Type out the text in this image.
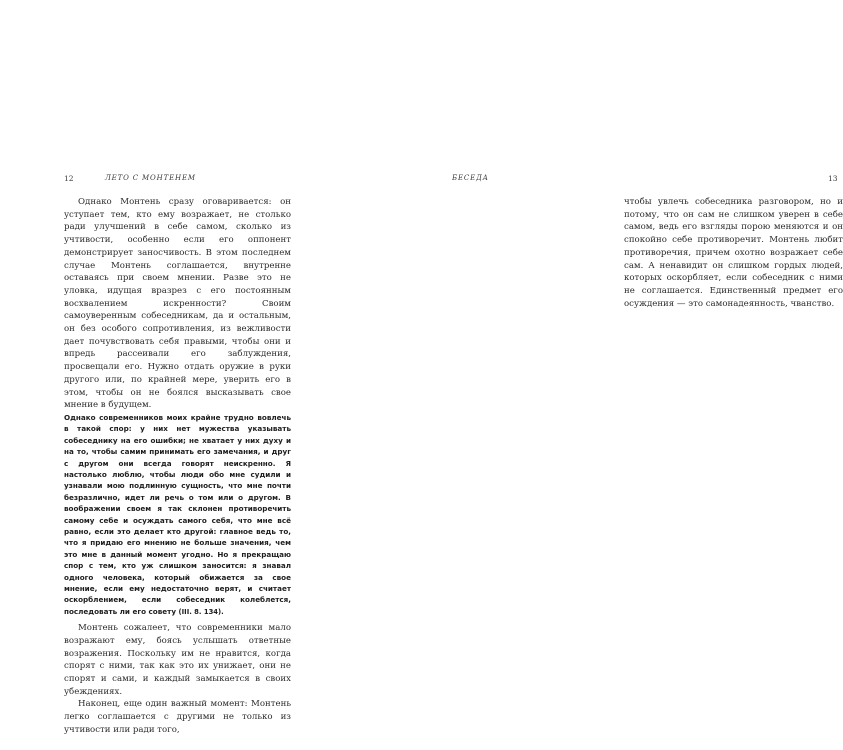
12	ЛЕТО С МОНТЕНЕМ

Однако Монтень сразу оговаривается: он уступает тем, кто ему возражает, не столько ради улучшений в себе самом, сколько из учтивости, особенно если его оппонент демонстрирует заносчивость. В этом последнем случае Монтень соглашается, внутренне оставаясь при своем мнении. Разве это не уловка, идущая вразрез с его постоянным восхвалением искренности? Своим самоуверенным собеседникам, да и остальным, он без особого сопротивления, из вежливости дает почувствовать себя правыми, чтобы они и впредь рассеивали его заблуждения, просвещали его. Нужно отдать оружие в руки другого или, по крайней мере, уверить его в этом, чтобы он не боялся высказывать свое мнение в будущем.

Однако современников моих крайне трудно вовлечь в такой спор: у них нет мужества указывать собеседнику на его ошибки; не хватает у них духу и на то, чтобы самим принимать его замечания, и друг с другом они всегда говорят неискренно. Я настолько люблю, чтобы люди обо мне судили и узнавали мою подлинную сущность, что мне почти безразлично, идет ли речь о том или о другом. В воображении своем я так склонен противоречить самому себе и осуждать самого себя, что мне всё равно, если это делает кто другой: главное ведь то, что я придаю его мнению не больше значения, чем это мне в данный момент угодно. Но я прекращаю спор с тем, кто уж слишком заносится: я знавал одного человека, который обижается за свое мнение, если ему недостаточно верят, и считает оскорблением, если собеседник колеблется, последовать ли его совету (III. 8. 134).

Монтень сожалеет, что современники мало возражают ему, боясь услышать ответные возражения. Поскольку им не нравится, когда спорят с ними, так как это их унижает, они не спорят и сами, и каждый замыкается в своих убеждениях.

Наконец, еще один важный момент: Монтень легко соглашается с другими не только из учтивости или ради того,

БЕСЕДА	13

чтобы увлечь собеседника разговором, но и потому, что он сам не слишком уверен в себе самом, ведь его взгляды порою меняются и он спокойно себе противоречит. Монтень любит противоречия, причем охотно возражает себе сам. А ненавидит он слишком гордых людей, которых оскорбляет, если собеседник с ними не соглашается. Единственный предмет его осуждения — это самонадеянность, чванство.
